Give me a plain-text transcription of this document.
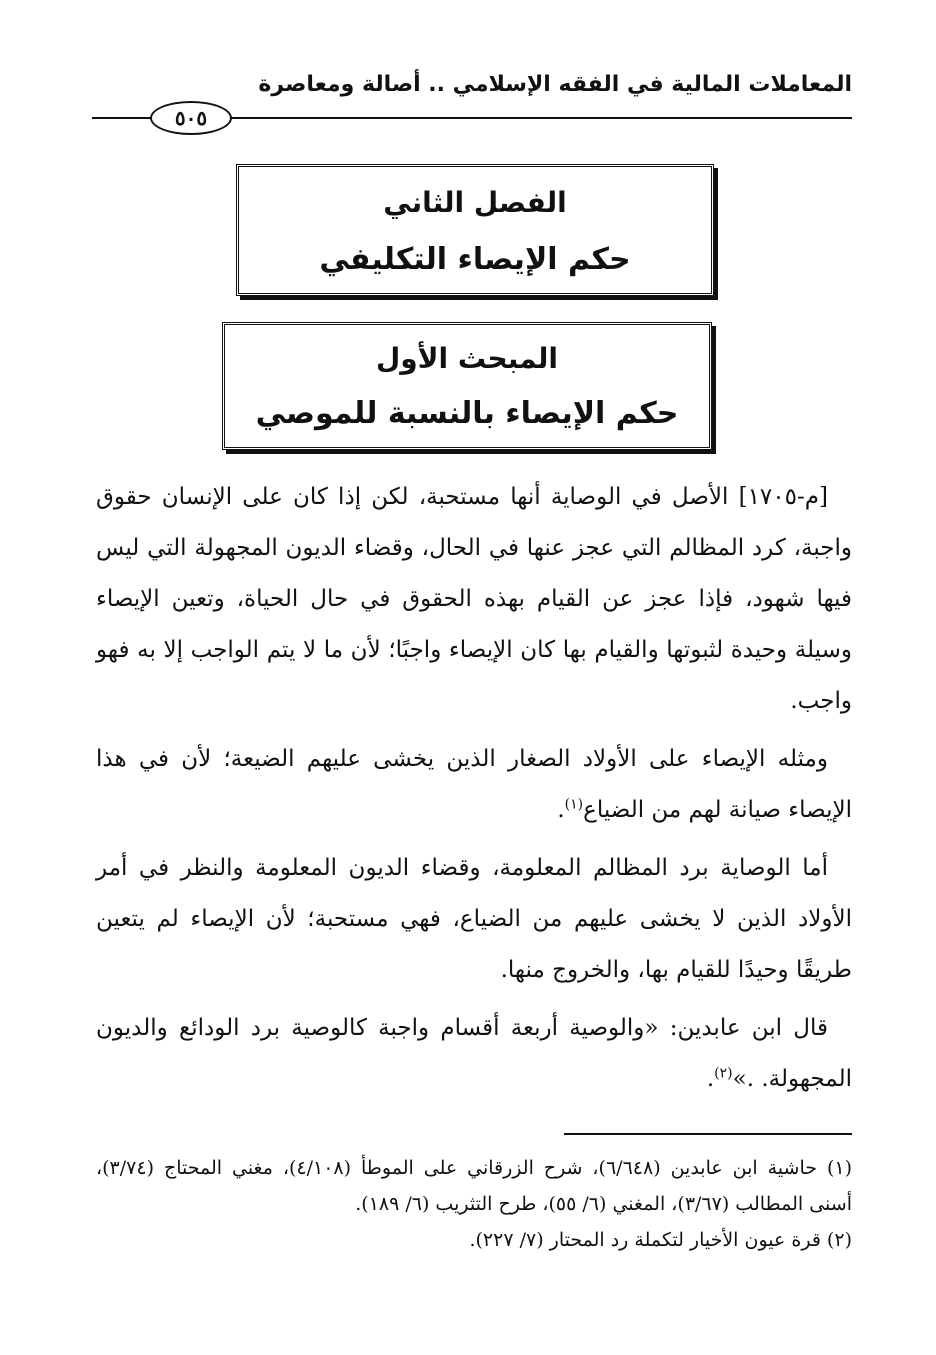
المعاملات المالية في الفقه الإسلامي .. أصالة ومعاصرة
٥٠٥
الفصل الثاني
حكم الإيصاء التكليفي
المبحث الأول
حكم الإيصاء بالنسبة للموصي

[م-١٧٠٥] الأصل في الوصاية أنها مستحبة، لكن إذا كان على الإنسان حقوق واجبة، كرد المظالم التي عجز عنها في الحال، وقضاء الديون المجهولة التي ليس فيها شهود، فإذا عجز عن القيام بهذه الحقوق في حال الحياة، وتعين الإيصاء وسيلة وحيدة لثبوتها والقيام بها كان الإيصاء واجبًا؛ لأن ما لا يتم الواجب إلا به فهو واجب.

ومثله الإيصاء على الأولاد الصغار الذين يخشى عليهم الضيعة؛ لأن في هذا الإيصاء صيانة لهم من الضياع$^{(١)}$.

أما الوصاية برد المظالم المعلومة، وقضاء الديون المعلومة والنظر في أمر الأولاد الذين لا يخشى عليهم من الضياع، فهي مستحبة؛ لأن الإيصاء لم يتعين طريقًا وحيدًا للقيام بها، والخروج منها.

قال ابن عابدين: «والوصية أربعة أقسام واجبة كالوصية برد الودائع والديون المجهولة. .»$^{(٢)}$.

(١) حاشية ابن عابدين (٦/٦٤٨)، شرح الزرقاني على الموطأ (٤/١٠٨)، مغني المحتاج (٣/٧٤)، أسنى المطالب (٣/٦٧)، المغني (٦/ ٥٥)، طرح التثريب (٦/ ١٨٩).

(٢) قرة عيون الأخيار لتكملة رد المحتار (٧/ ٢٢٧).
